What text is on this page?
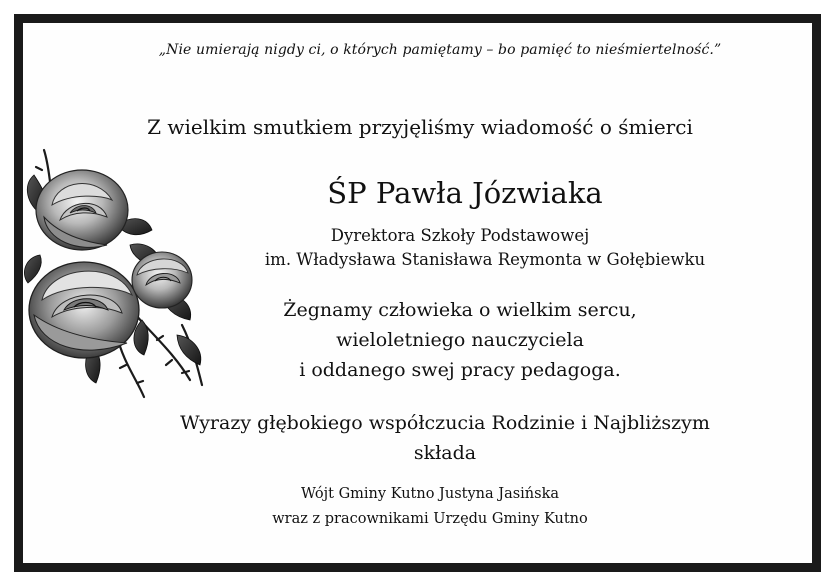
„Nie umierają nigdy ci, o których pamiętamy – bo pamięć to nieśmiertelność.”
Z wielkim smutkiem przyjęliśmy wiadomość o śmierci
ŚP Pawła Józwiaka
Dyrektora Szkoły Podstawowej
im. Władysława Stanisława Reymonta w Gołębiewku
Żegnamy człowieka o wielkim sercu,
wieloletniego nauczyciela
i oddanego swej pracy pedagoga.
Wyrazy głębokiego współczucia Rodzinie i Najbliższym
składa
Wójt Gminy Kutno Justyna Jasińska
wraz z pracownikami Urzędu Gminy Kutno
